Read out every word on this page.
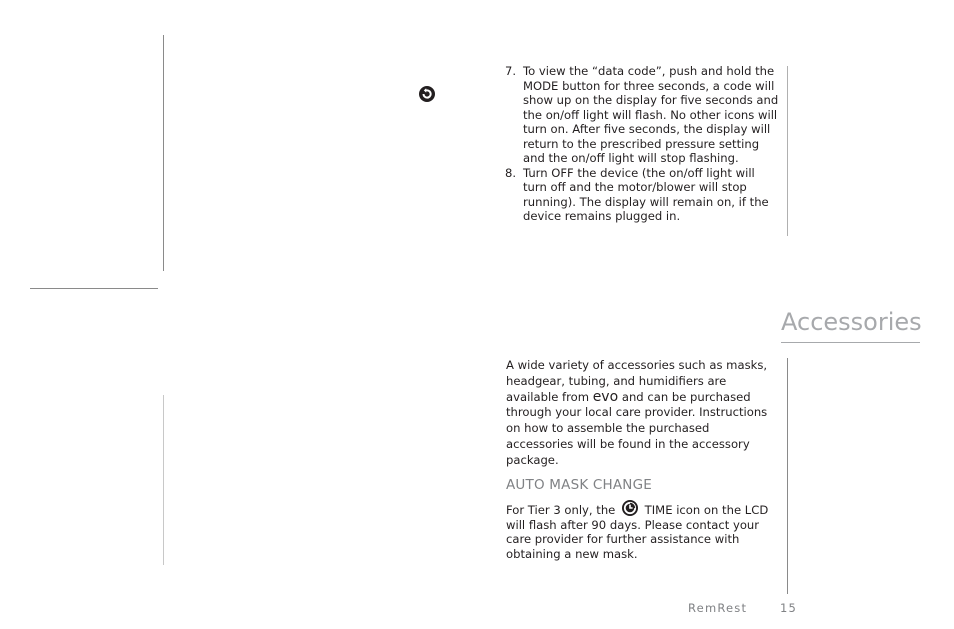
7. To view the “data code”, push and hold the MODE button for three seconds, a code will show up on the display for five seconds and the on/off light will flash. No other icons will turn on. After five seconds, the display will return to the prescribed pressure setting and the on/off light will stop flashing.
8. Turn OFF the device (the on/off light will turn off and the motor/blower will stop running). The display will remain on, if the device remains plugged in.
Accessories

A wide variety of accessories such as masks, headgear, tubing, and humidifiers are available from evo and can be purchased through your local care provider. Instructions on how to assemble the purchased accessories will be found in the accessory package.

AUTO MASK CHANGE

For Tier 3 only, the  TIME icon on the LCD will flash after 90 days. Please contact your care provider for further assistance with obtaining a new mask.

RemRest	15
